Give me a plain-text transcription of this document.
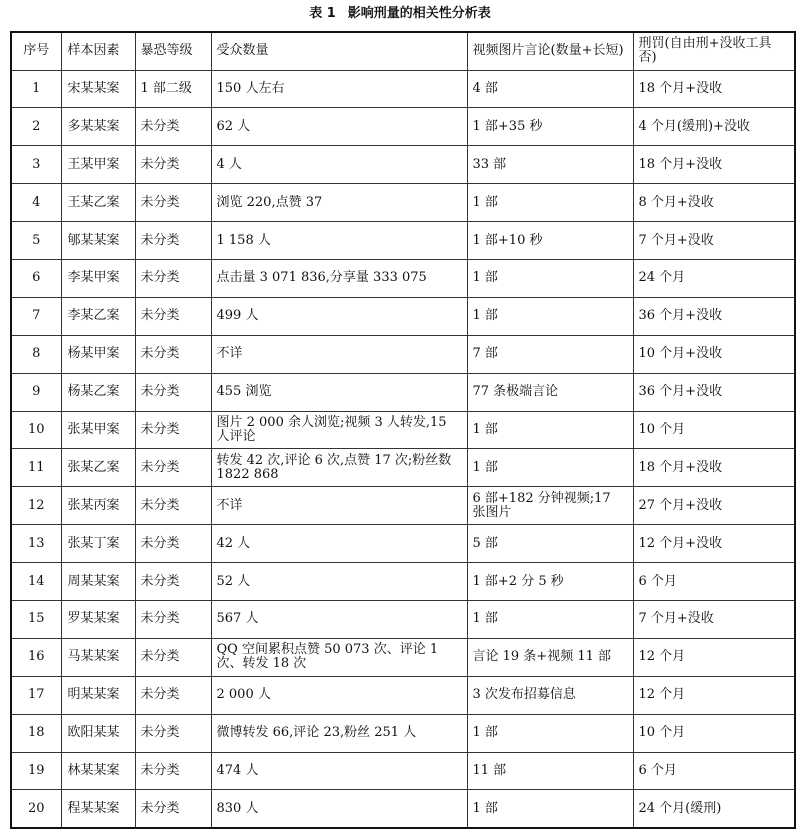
表 1 影响刑量的相关性分析表
序号	样本因素	暴恐等级	受众数量	视频图片言论(数量+长短)	刑罚(自由刑+没收工具否)
1	宋某某案	1 部二级	150 人左右	4 部	18 个月+没收
2	多某某案	未分类	62 人	1 部+35 秒	4 个月(缓刑)+没收
3	王某甲案	未分类	4 人	33 部	18 个月+没收
4	王某乙案	未分类	浏览 220,点赞 37	1 部	8 个月+没收
5	郇某某案	未分类	1 158 人	1 部+10 秒	7 个月+没收
6	李某甲案	未分类	点击量 3 071 836,分享量 333 075	1 部	24 个月
7	李某乙案	未分类	499 人	1 部	36 个月+没收
8	杨某甲案	未分类	不详	7 部	10 个月+没收
9	杨某乙案	未分类	455 浏览	77 条极端言论	36 个月+没收
10	张某甲案	未分类	图片 2 000 余人浏览;视频 3 人转发,15 人评论	1 部	10 个月
11	张某乙案	未分类	转发 42 次,评论 6 次,点赞 17 次;粉丝数 1822 868	1 部	18 个月+没收
12	张某丙案	未分类	不详	6 部+182 分钟视频;17 张图片	27 个月+没收
13	张某丁案	未分类	42 人	5 部	12 个月+没收
14	周某某案	未分类	52 人	1 部+2 分 5 秒	6 个月
15	罗某某案	未分类	567 人	1 部	7 个月+没收
16	马某某案	未分类	QQ 空间累积点赞 50 073 次、评论 1 次、转发 18 次	言论 19 条+视频 11 部	12 个月
17	明某某案	未分类	2 000 人	3 次发布招募信息	12 个月
18	欧阳某某	未分类	微博转发 66,评论 23,粉丝 251 人	1 部	10 个月
19	林某某案	未分类	474 人	11 部	6 个月
20	程某某案	未分类	830 人	1 部	24 个月(缓刑)
